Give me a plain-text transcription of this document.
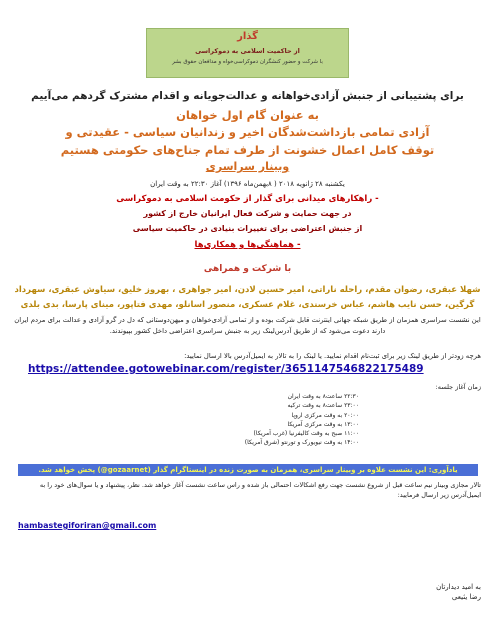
گذار
از حاکمیت اسلامی به دموکراسی
با شرکت و حضور کنشگران دموکراسی‌خواه و مدافعان حقوق بشر
برای پشتیبانی از جنبش آزادی‌خواهانه و عدالت‌جویانه و اقدام مشترک گردهم می‌آییم
به عنوان گام اول خواهان
آزادی تمامی بازداشت‌شدگان اخیر و زندانیان سیاسی - عقیدتی و
توقف کامل اعمال خشونت از طرف تمام جناح‌های حکومتی هستیم
وبینار سراسری
یکشنبه ۲۸ ژانویه ۲۰۱۸ ( ۸بهمن‌ماه ۱۳۹۶) آغاز ۲۲:۳۰ به وقت ایران
- راهکارهای میدانی برای گذار از حکومت اسلامی به دموکراسی
در جهت حمایت و شرکت فعال ایرانیان خارج از کشور
از جنبش اعتراضی برای تغییرات بنیادی در حاکمیت سیاسی
- هماهنگی‌ها و همکاری‌ها
با شرکت و همراهی
شهلا عبقری، رضوان مقدم، راحله ناراتی، امیر حسین لادن، امیر جواهری ، بهروز خلیق، سیاوش عبقری، سهرداد
گرگین، حسن نایب هاشم، عباس خرسندی، غلام عسکری، منصور اسانلو، مهدی فتاپور، مینای پارسا، بدی بلدی
این نشست سراسری همزمان از طریق شبکه جهانی اینترنت قابل شرکت بوده و از تمامی آزادی‌خواهان و میهن‌دوستانی که دل در گرو آزادی و عدالت برای مردم ایران دارند دعوت می‌شود که از طریق آدرس‌لینک زیر به جنبش سراسری اعتراضی داخل کشور بپیوندند.
هرچه زودتر از طریق لینک زیر برای ثبت‌نام اقدام نمایید. یا لینک را به تالار به ایمیل‌آدرس بالا ارسال نمایید:
https://attendee.gotowebinar.com/register/3651147546822175489
زمان آغاز جلسه:
۲۲:۳۰ ساعت۸ به وقت ایران
۲۳:۰۰ ساعت۸ به وقت ترکیه
۲۰:۰۰ به وقت مرکزی اروپا
۱۳:۰۰ به وقت مرکزی آمریکا
۱۱:۰۰ صبح به وقت کالیفرنیا (غرب آمریکا)
۱۴:۰۰ به وقت نیویورک و تورنتو (شرق آمریکا)
یادآوری: این نشست علاوه بر وبینار سراسری، همزمان به صورت زنده در اینستاگرام گذار (gozaarnet@) پخش خواهد شد.
تالار مجازی وبینار نیم ساعت قبل از شروع نشست جهت رفع اشکالات احتمالی باز شده و راس ساعت نشست آغاز خواهد شد. نظر، پیشنهاد و یا سوال‌های خود را به ایمیل‌آدرس زیر ارسال فرمایید:
hambastegiforiran@gmail.com
به امید دیدارتان
رضا یثیعی
